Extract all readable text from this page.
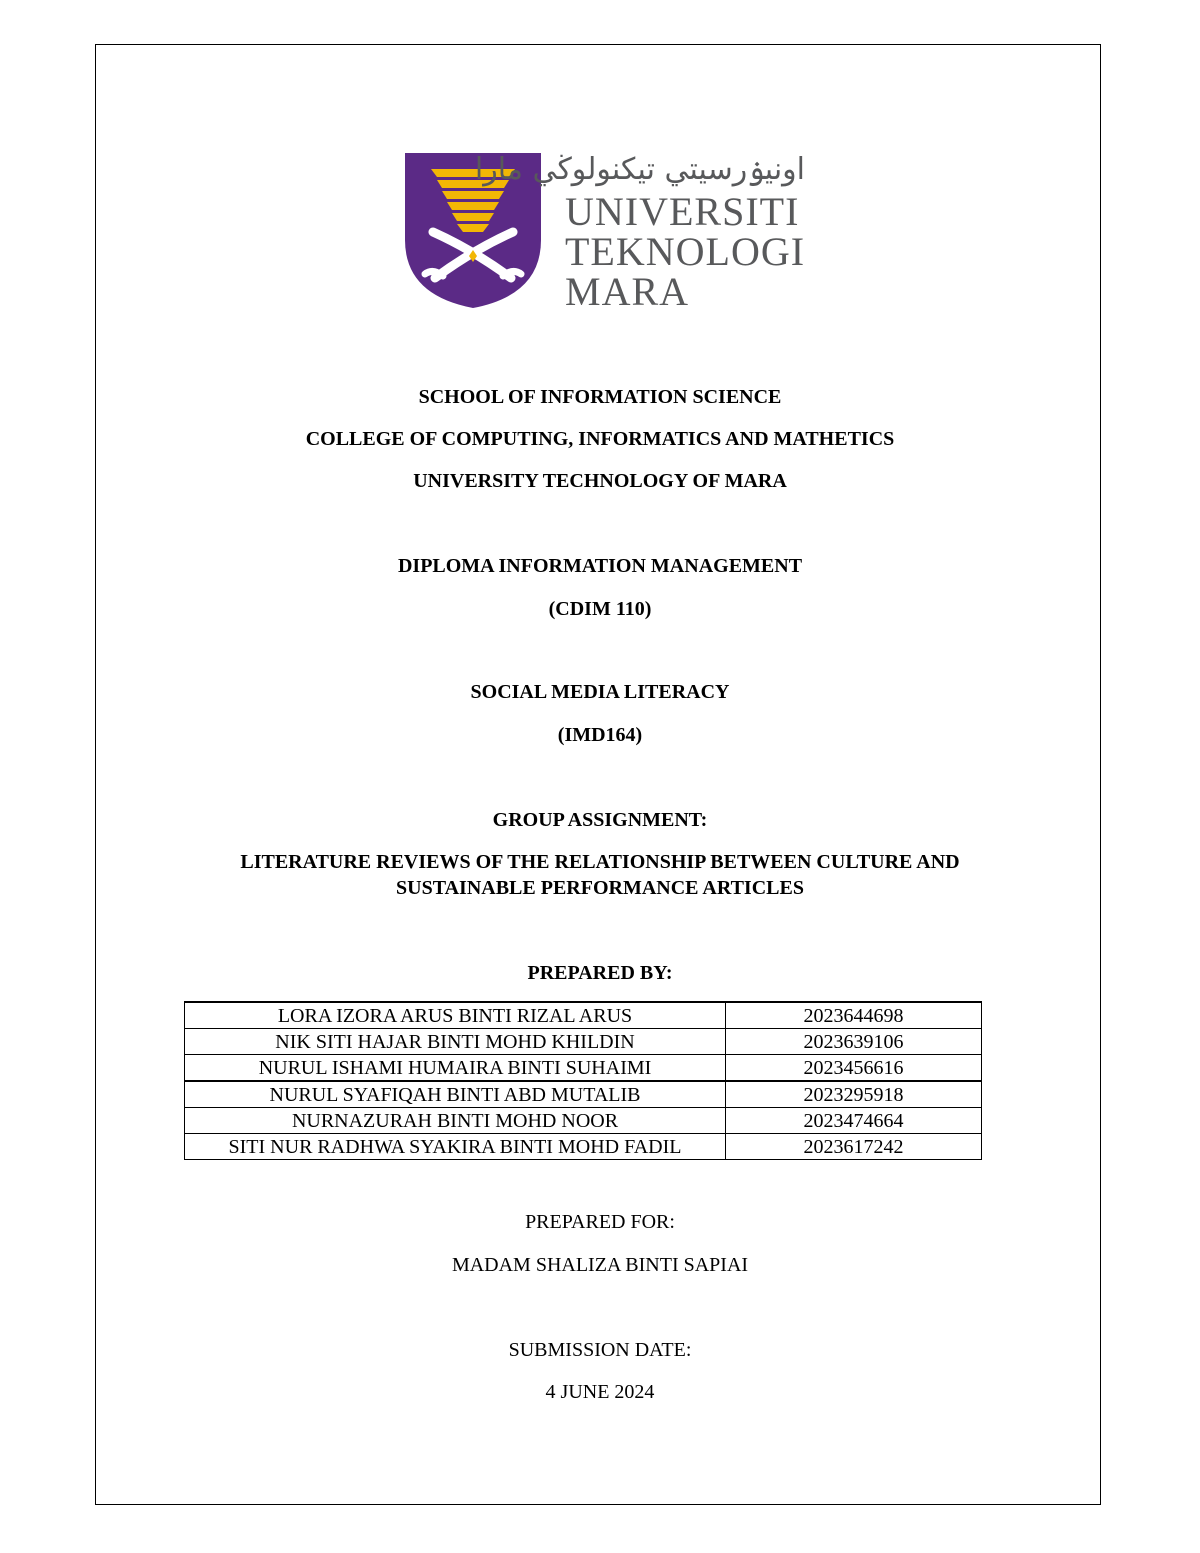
اونيۏرسيتي تيكنولوڬي مارا
UNIVERSITI
TEKNOLOGI
MARA
SCHOOL OF INFORMATION SCIENCE
COLLEGE OF COMPUTING, INFORMATICS AND MATHETICS
UNIVERSITY TECHNOLOGY OF MARA
DIPLOMA INFORMATION MANAGEMENT
(CDIM 110)
SOCIAL MEDIA LITERACY
(IMD164)
GROUP ASSIGNMENT:
LITERATURE REVIEWS OF THE RELATIONSHIP BETWEEN CULTURE AND
SUSTAINABLE PERFORMANCE ARTICLES
PREPARED BY:
LORA IZORA ARUS BINTI RIZAL ARUS	2023644698
NIK SITI HAJAR BINTI MOHD KHILDIN	2023639106
NURUL ISHAMI HUMAIRA BINTI SUHAIMI	2023456616
NURUL SYAFIQAH BINTI ABD MUTALIB	2023295918
NURNAZURAH BINTI MOHD NOOR	2023474664
SITI NUR RADHWA SYAKIRA BINTI MOHD FADIL	2023617242
PREPARED FOR:
MADAM SHALIZA BINTI SAPIAI
SUBMISSION DATE:
4 JUNE 2024
